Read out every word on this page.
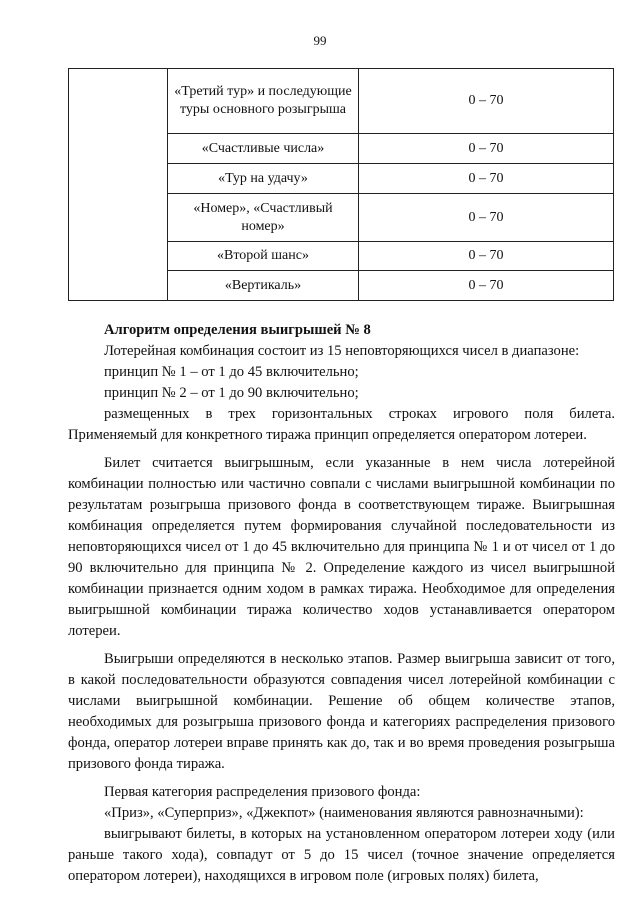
99
	«Третий тур» и последующие туры основного розыгрыша	0 – 70
	«Счастливые числа»	0 – 70
	«Тур на удачу»	0 – 70
	«Номер», «Счастливый номер»	0 – 70
	«Второй шанс»	0 – 70
	«Вертикаль»	0 – 70

Алгоритм определения выигрышей № 8

Лотерейная комбинация состоит из 15 неповторяющихся чисел в диапазоне:

принцип № 1 – от 1 до 45 включительно;

принцип № 2 – от 1 до 90 включительно;

размещенных в трех горизонтальных строках игрового поля билета. Применяемый для конкретного тиража принцип определяется оператором лотереи.

Билет считается выигрышным, если указанные в нем числа лотерейной комбинации полностью или частично совпали с числами выигрышной комбинации по результатам розыгрыша призового фонда в соответствующем тираже. Выигрышная комбинация определяется путем формирования случайной последовательности из неповторяющихся чисел от 1 до 45 включительно для принципа № 1 и от чисел от 1 до 90 включительно для принципа № 2. Определение каждого из чисел выигрышной комбинации признается одним ходом в рамках тиража. Необходимое для определения выигрышной комбинации тиража количество ходов устанавливается оператором лотереи.

Выигрыши определяются в несколько этапов. Размер выигрыша зависит от того, в какой последовательности образуются совпадения чисел лотерейной комбинации с числами выигрышной комбинации. Решение об общем количестве этапов, необходимых для розыгрыша призового фонда и категориях распределения призового фонда, оператор лотереи вправе принять как до, так и во время проведения розыгрыша призового фонда тиража.

Первая категория распределения призового фонда:

«Приз», «Суперприз», «Джекпот» (наименования являются равнозначными):

выигрывают билеты, в которых на установленном оператором лотереи ходу (или раньше такого хода), совпадут от 5 до 15 чисел (точное значение определяется оператором лотереи), находящихся в игровом поле (игровых полях) билета,
